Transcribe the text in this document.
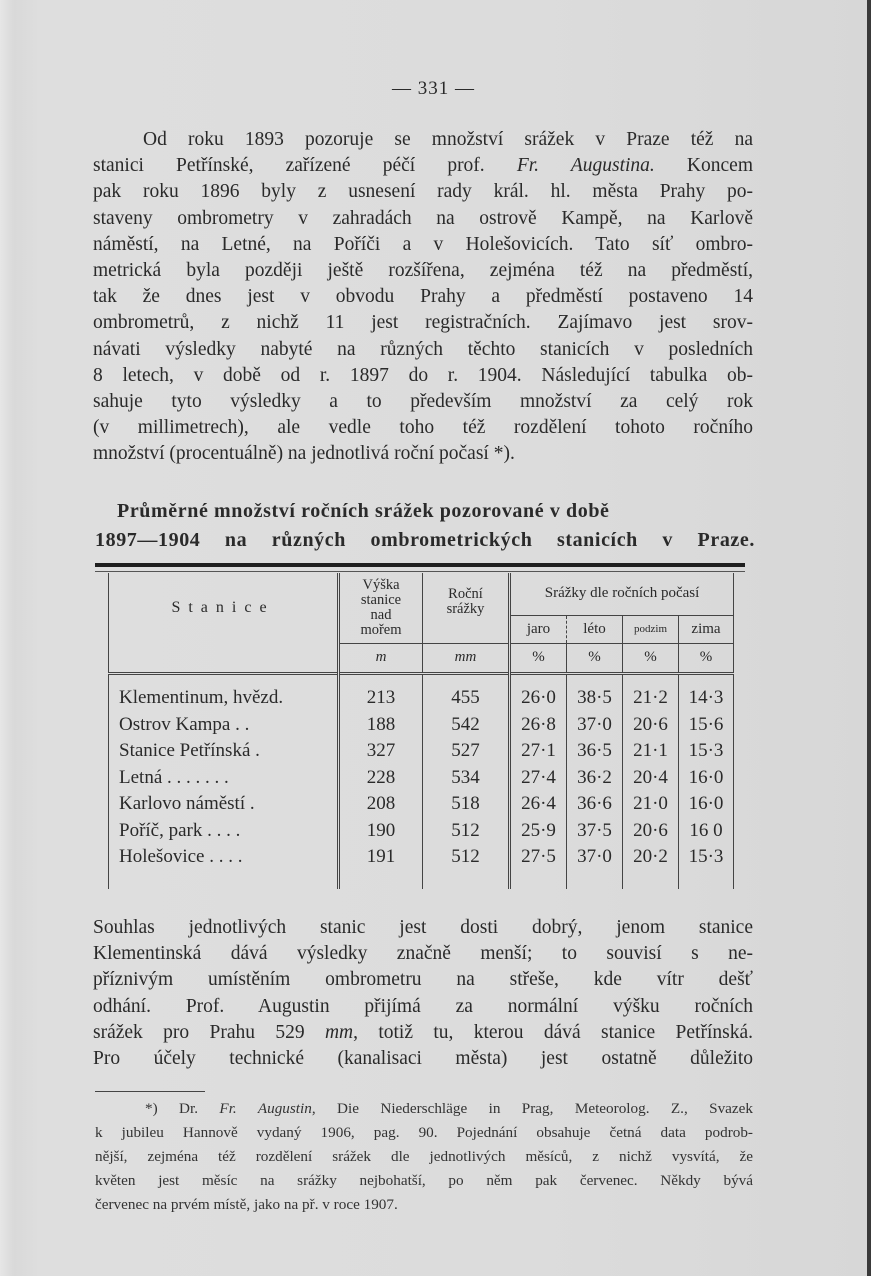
— 331 —
Od roku 1893 pozoruje se množství srážek v Praze též na
stanici Petřínské, zařízené péčí prof. Fr. Augustina. Koncem
pak roku 1896 byly z usnesení rady král. hl. města Prahy po-
staveny ombrometry v zahradách na ostrově Kampě, na Karlově
náměstí, na Letné, na Poříči a v Holešovicích. Tato síť ombro-
metrická byla později ještě rozšířena, zejména též na předměstí,
tak že dnes jest v obvodu Prahy a předměstí postaveno 14
ombrometrů, z nichž 11 jest registračních. Zajímavo jest srov-
návati výsledky nabyté na různých těchto stanicích v posledních
8 letech, v době od r. 1897 do r. 1904. Následující tabulka ob-
sahuje tyto výsledky a to především množství za celý rok
(v millimetrech), ale vedle toho též rozdělení tohoto ročního
množství (procentuálně) na jednotlivá roční počasí *).
Průměrné množství ročních srážek pozorované v době
1897—1904 na různých ombrometrických stanicích v Praze.
Stanice	Výška
stanice
nad
mořem	Roční
srážky	Srážky dle ročních počasí			
			jaro	léto	podzim	zima
	m	mm	%	%	%	%

Klementinum, hvězd.	213	455	26·0	38·5	21·2	14·3
Ostrov Kampa . .	188	542	26·8	37·0	20·6	15·6
Stanice Petřínská .	327	527	27·1	36·5	21·1	15·3
Letná . . . . . . .	228	534	27·4	36·2	20·4	16·0
Karlovo náměstí .	208	518	26·4	36·6	21·0	16·0
Poříč, park . . . .	190	512	25·9	37·5	20·6	16 0
Holešovice . . . .	191	512	27·5	37·0	20·2	15·3

Souhlas jednotlivých stanic jest dosti dobrý, jenom stanice
Klementinská dává výsledky značně menší; to souvisí s ne-
příznivým umístěním ombrometru na střeše, kde vítr dešť
odhání. Prof. Augustin přijímá za normální výšku ročních
srážek pro Prahu 529 mm, totiž tu, kterou dává stanice Petřínská.
Pro účely technické (kanalisaci města) jest ostatně důležito
*) Dr. Fr. Augustin, Die Niederschläge in Prag, Meteorolog. Z., Svazek
k jubileu Hannově vydaný 1906, pag. 90. Pojednání obsahuje četná data podrob-
nější, zejména též rozdělení srážek dle jednotlivých měsíců, z nichž vysvítá, že
květen jest měsíc na srážky nejbohatší, po něm pak červenec. Někdy bývá
červenec na prvém místě, jako na př. v roce 1907.
